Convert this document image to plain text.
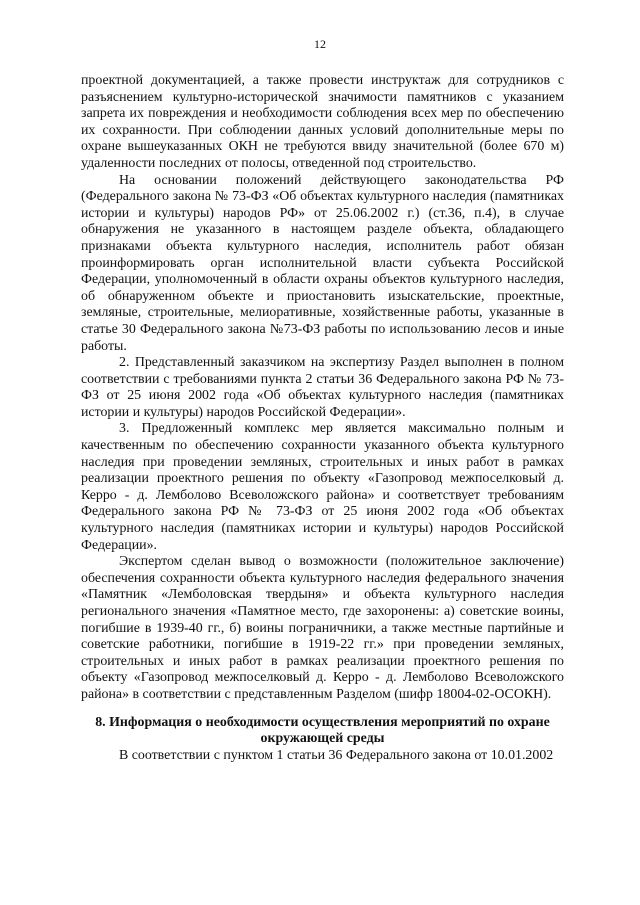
12

проектной документацией, а также провести инструктаж для сотрудников с разъяснением культурно-исторической значимости памятников с указанием запрета их повреждения и необходимости соблюдения всех мер по обеспечению их сохранности. При соблюдении данных условий дополнительные меры по охране вышеуказанных ОКН не требуются ввиду значительной (более 670 м) удаленности последних от полосы, отведенной под строительство.

На основании положений действующего законодательства РФ (Федерального закона № 73-ФЗ «Об объектах культурного наследия (памятниках истории и культуры) народов РФ» от 25.06.2002 г.) (ст.36, п.4), в случае обнаружения не указанного в настоящем разделе объекта, обладающего признаками объекта культурного наследия, исполнитель работ обязан проинформировать орган исполнительной власти субъекта Российской Федерации, уполномоченный в области охраны объектов культурного наследия, об обнаруженном объекте и приостановить изыскательские, проектные, земляные, строительные, мелиоративные, хозяйственные работы, указанные в статье 30 Федерального закона №73-ФЗ работы по использованию лесов и иные работы.

2. Представленный заказчиком на экспертизу Раздел выполнен в полном соответствии с требованиями пункта 2 статьи 36 Федерального закона РФ № 73-ФЗ от 25 июня 2002 года «Об объектах культурного наследия (памятниках истории и культуры) народов Российской Федерации».

3. Предложенный комплекс мер является максимально полным и качественным по обеспечению сохранности указанного объекта культурного наследия при проведении земляных, строительных и иных работ в рамках реализации проектного решения по объекту «Газопровод межпоселковый д. Керро - д. Лемболово Всеволожского района» и соответствует требованиям Федерального закона РФ № 73-ФЗ от 25 июня 2002 года «Об объектах культурного наследия (памятниках истории и культуры) народов Российской Федерации».

Экспертом сделан вывод о возможности (положительное заключение) обеспечения сохранности объекта культурного наследия федерального значения «Памятник «Лемболовская твердыня» и объекта культурного наследия регионального значения «Памятное место, где захоронены: а) советские воины, погибшие в 1939-40 гг., б) воины пограничники, а также местные партийные и советские работники, погибшие в 1919-22 гг.» при проведении земляных, строительных и иных работ в рамках реализации проектного решения по объекту «Газопровод межпоселковый д. Керро - д. Лемболово Всеволожского района» в соответствии с представленным Разделом (шифр 18004-02-ОСОКН).

8. Информация о необходимости осуществления мероприятий по охране окружающей среды

В соответствии с пунктом 1 статьи 36 Федерального закона от 10.01.2002
